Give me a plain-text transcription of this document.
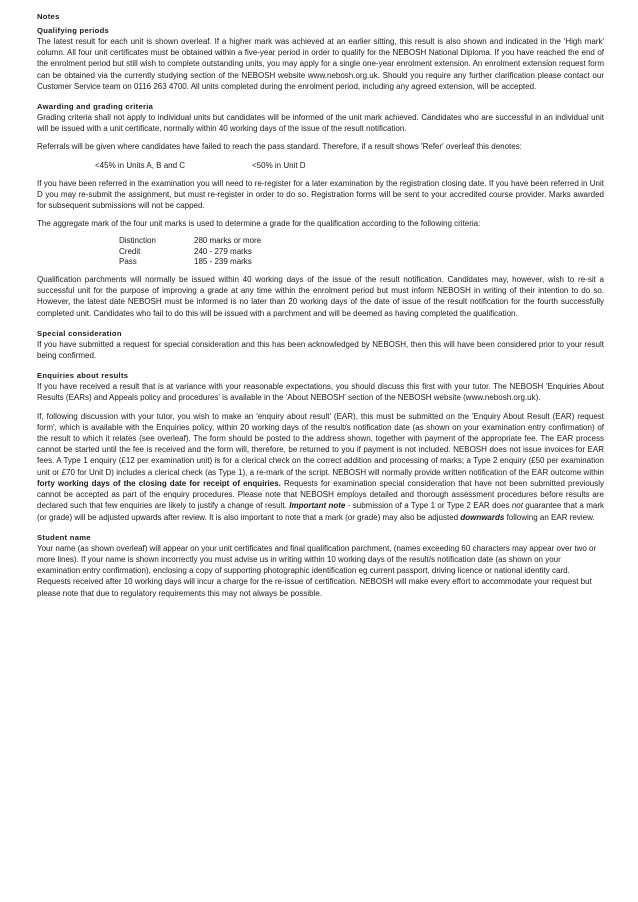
Notes

Qualifying periods

The latest result for each unit is shown overleaf. If a higher mark was achieved at an earlier sitting, this result is also shown and indicated in the 'High mark' column. All four unit certificates must be obtained within a five-year period in order to qualify for the NEBOSH National Diploma. If you have reached the end of the enrolment period but still wish to complete outstanding units, you may apply for a single one-year enrolment extension. An enrolment extension request form can be obtained via the currently studying section of the NEBOSH website www.nebosh.org.uk. Should you require any further clarification please contact our Customer Service team on 0116 263 4700. All units completed during the enrolment period, including any agreed extension, will be accepted.

Awarding and grading criteria

Grading criteria shall not apply to individual units but candidates will be informed of the unit mark achieved. Candidates who are successful in an individual unit will be issued with a unit certificate, normally within 40 working days of the issue of the result notification.

Referrals will be given where candidates have failed to reach the pass standard. Therefore, if a result shows 'Refer' overleaf this denotes:

<45% in Units A, B and C	<50% in Unit D

If you have been referred in the examination you will need to re-register for a later examination by the registration closing date. If you have been referred in Unit D you may re-submit the assignment, but must re-register in order to do so. Registration forms will be sent to your accredited course provider. Marks awarded for subsequent submissions will not be capped.

The aggregate mark of the four unit marks is used to determine a grade for the qualification according to the following criteria:

Distinction	280 marks or more
Credit	240 - 279 marks
Pass	185 - 239 marks

Qualification parchments will normally be issued within 40 working days of the issue of the result notification. Candidates may, however, wish to re-sit a successful unit for the purpose of improving a grade at any time within the enrolment period but must inform NEBOSH in writing of their intention to do so. However, the latest date NEBOSH must be informed is no later than 20 working days of the date of issue of the result notification for the fourth successfully completed unit. Candidates who fail to do this will be issued with a parchment and will be deemed as having completed the qualification.

Special consideration

If you have submitted a request for special consideration and this has been acknowledged by NEBOSH, then this will have been considered prior to your result being confirmed.

Enquiries about results

If you have received a result that is at variance with your reasonable expectations, you should discuss this first with your tutor. The NEBOSH 'Enquiries About Results (EARs) and Appeals policy and procedures' is available in the 'About NEBOSH' section of the NEBOSH website (www.nebosh.org.uk).

If, following discussion with your tutor, you wish to make an 'enquiry about result' (EAR), this must be submitted on the 'Enquiry About Result (EAR) request form', which is available with the Enquiries policy, within 20 working days of the result/s notification date (as shown on your examination entry confirmation) of the result to which it relates (see overleaf). The form should be posted to the address shown, together with payment of the appropriate fee. The EAR process cannot be started until the fee is received and the form will, therefore, be returned to you if payment is not included. NEBOSH does not issue invoices for EAR fees. A Type 1 enquiry (£12 per examination unit) is for a clerical check on the correct addition and processing of marks; a Type 2 enquiry (£50 per examination unit or £70 for Unit D) includes a clerical check (as Type 1), a re-mark of the script. NEBOSH will normally provide written notification of the EAR outcome within forty working days of the closing date for receipt of enquiries. Requests for examination special consideration that have not been submitted previously cannot be accepted as part of the enquiry procedures. Please note that NEBOSH employs detailed and thorough assessment procedures before results are declared such that few enquiries are likely to justify a change of result. Important note - submission of a Type 1 or Type 2 EAR does not guarantee that a mark (or grade) will be adjusted upwards after review. It is also important to note that a mark (or grade) may also be adjusted downwards following an EAR review.

Student name

Your name (as shown overleaf) will appear on your unit certificates and final qualification parchment, (names exceeding 60 characters may appear over two or more lines). If your name is shown incorrectly you must advise us in writing within 10 working days of the result/s notification date (as shown on your examination entry confirmation), enclosing a copy of supporting photographic identification eg current passport, driving licence or national identity card. Requests received after 10 working days will incur a charge for the re-issue of certification. NEBOSH will make every effort to accommodate your request but please note that due to regulatory requirements this may not always be possible.
